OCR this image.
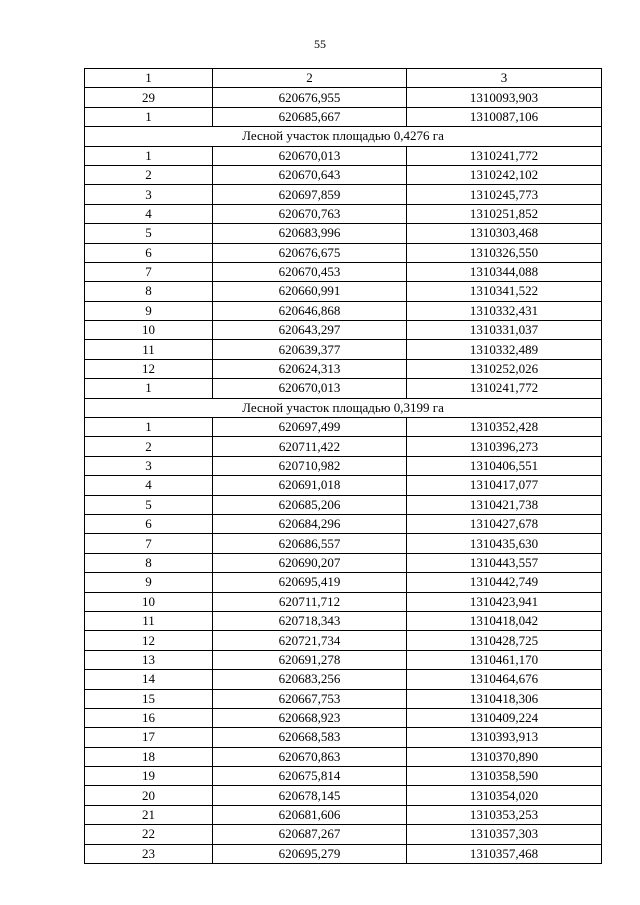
55
1	2	3
29	620676,955	1310093,903
1	620685,667	1310087,106
Лесной участок площадью 0,4276 га		
1	620670,013	1310241,772
2	620670,643	1310242,102
3	620697,859	1310245,773
4	620670,763	1310251,852
5	620683,996	1310303,468
6	620676,675	1310326,550
7	620670,453	1310344,088
8	620660,991	1310341,522
9	620646,868	1310332,431
10	620643,297	1310331,037
11	620639,377	1310332,489
12	620624,313	1310252,026
1	620670,013	1310241,772
Лесной участок площадью 0,3199 га		
1	620697,499	1310352,428
2	620711,422	1310396,273
3	620710,982	1310406,551
4	620691,018	1310417,077
5	620685,206	1310421,738
6	620684,296	1310427,678
7	620686,557	1310435,630
8	620690,207	1310443,557
9	620695,419	1310442,749
10	620711,712	1310423,941
11	620718,343	1310418,042
12	620721,734	1310428,725
13	620691,278	1310461,170
14	620683,256	1310464,676
15	620667,753	1310418,306
16	620668,923	1310409,224
17	620668,583	1310393,913
18	620670,863	1310370,890
19	620675,814	1310358,590
20	620678,145	1310354,020
21	620681,606	1310353,253
22	620687,267	1310357,303
23	620695,279	1310357,468
